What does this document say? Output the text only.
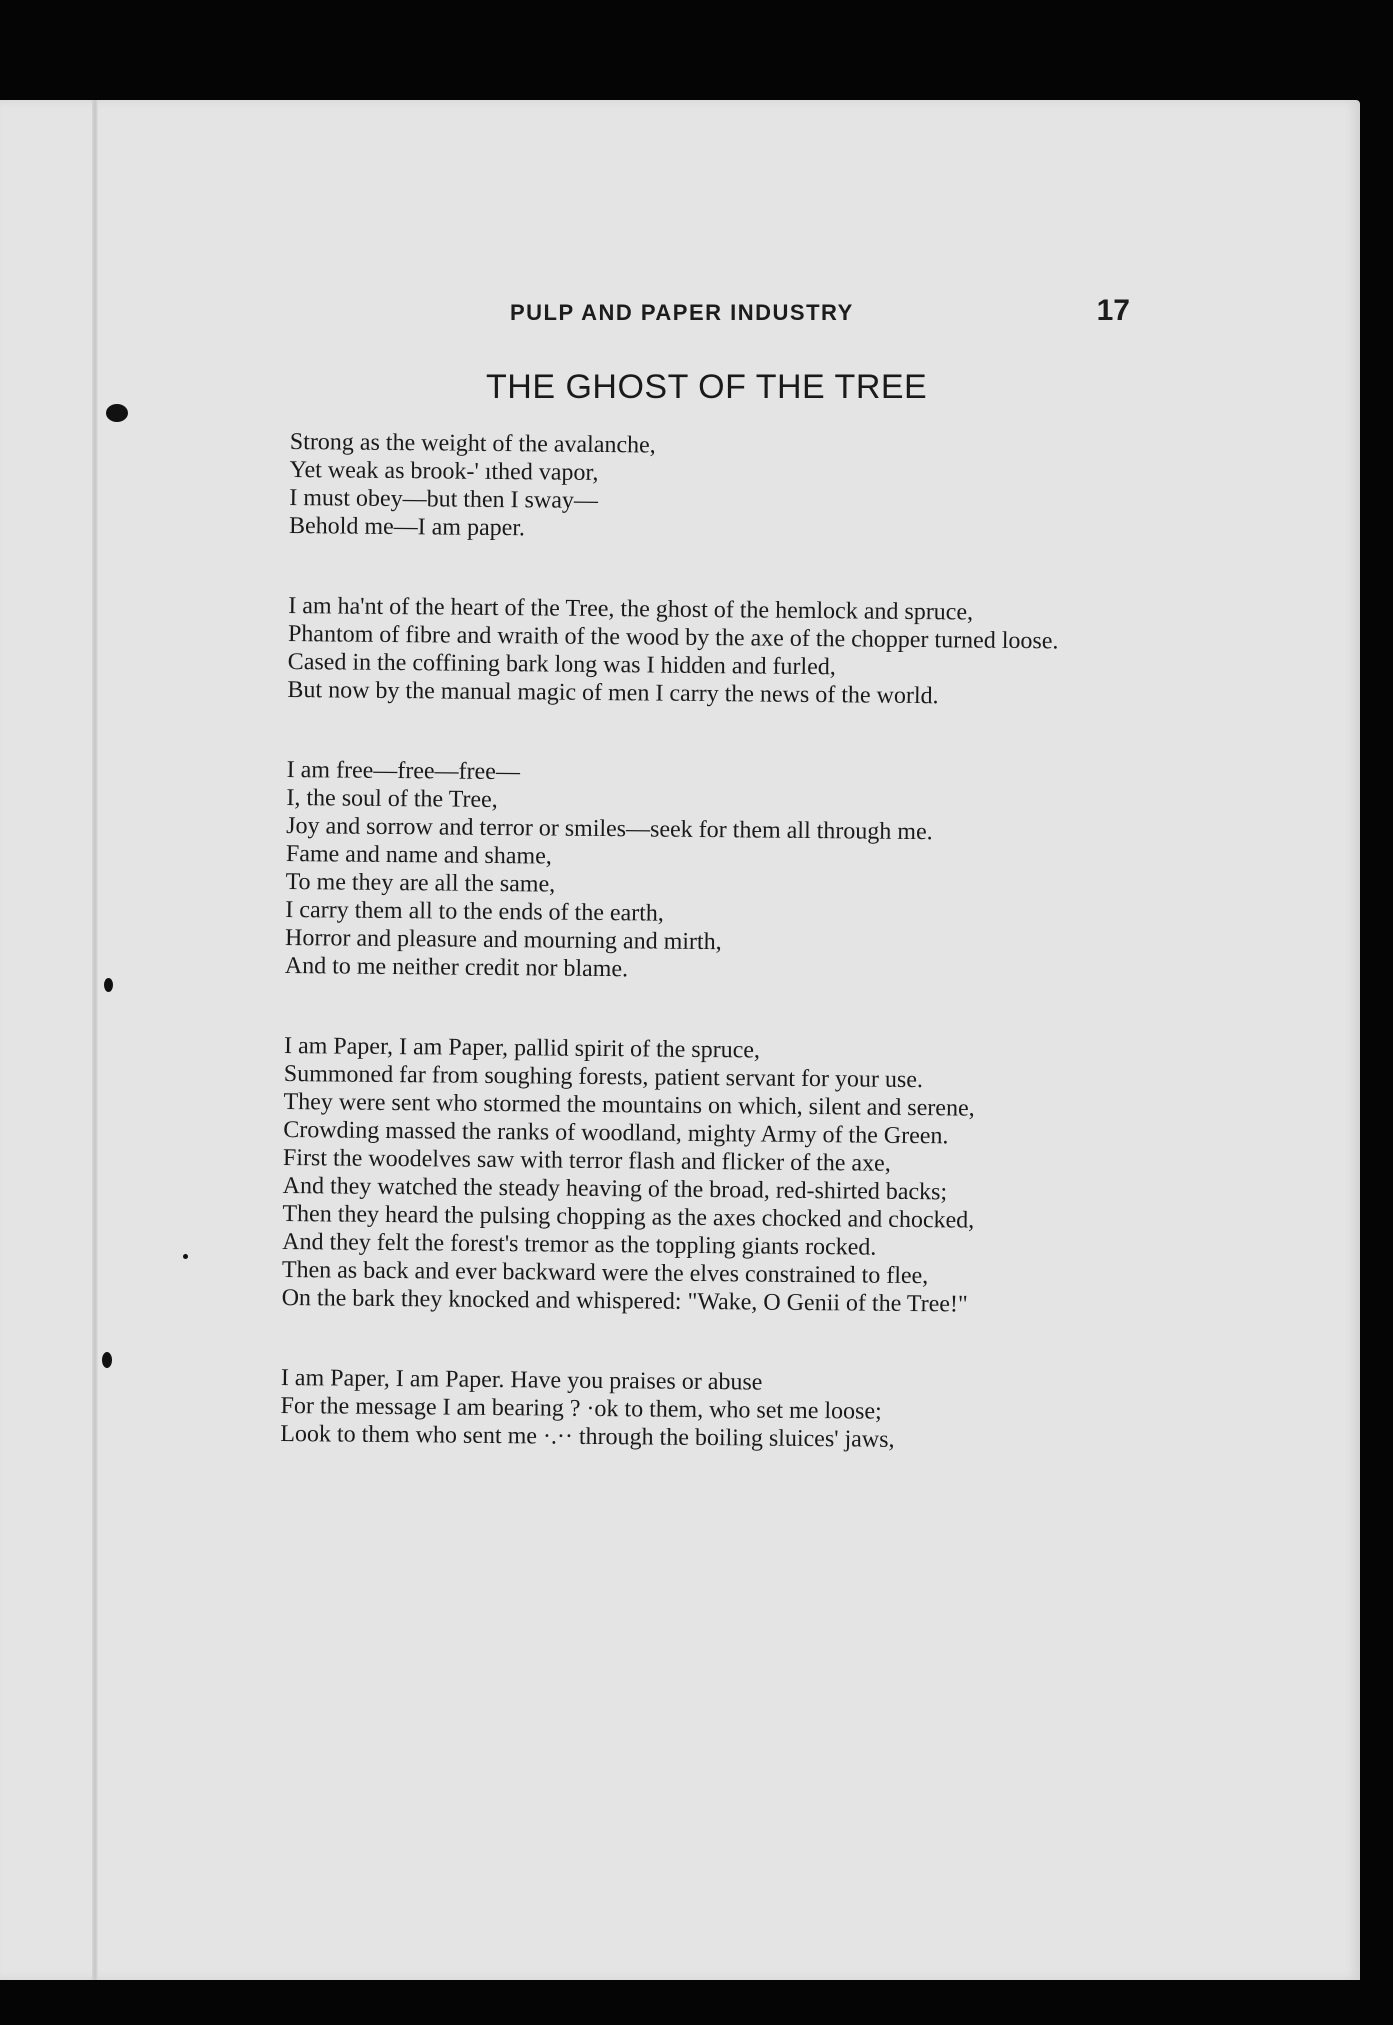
PULP AND PAPER INDUSTRY	17
THE GHOST OF THE TREE
Strong as the weight of the avalanche,
Yet weak as brook-' ıthed vapor,
I must obey—but then I sway—
Behold me—I am paper.
I am ha'nt of the heart of the Tree, the ghost of the hemlock and spruce,
Phantom of fibre and wraith of the wood by the axe of the chopper turned loose.
Cased in the coffining bark long was I hidden and furled,
But now by the manual magic of men I carry the news of the world.
I am free—free—free—
I, the soul of the Tree,
Joy and sorrow and terror or smiles—seek for them all through me.
Fame and name and shame,
To me they are all the same,
I carry them all to the ends of the earth,
Horror and pleasure and mourning and mirth,
And to me neither credit nor blame.
I am Paper, I am Paper, pallid spirit of the spruce,
Summoned far from soughing forests, patient servant for your use.
They were sent who stormed the mountains on which, silent and serene,
Crowding massed the ranks of woodland, mighty Army of the Green.
First the woodelves saw with terror flash and flicker of the axe,
And they watched the steady heaving of the broad, red-shirted backs;
Then they heard the pulsing chopping as the axes chocked and chocked,
And they felt the forest's tremor as the toppling giants rocked.
Then as back and ever backward were the elves constrained to flee,
On the bark they knocked and whispered: "Wake, O Genii of the Tree!"
I am Paper, I am Paper. Have you praises or abuse
For the message I am bearing ? ·ok to them, who set me loose;
Look to them who sent me ·.·· through the boiling sluices' jaws,
